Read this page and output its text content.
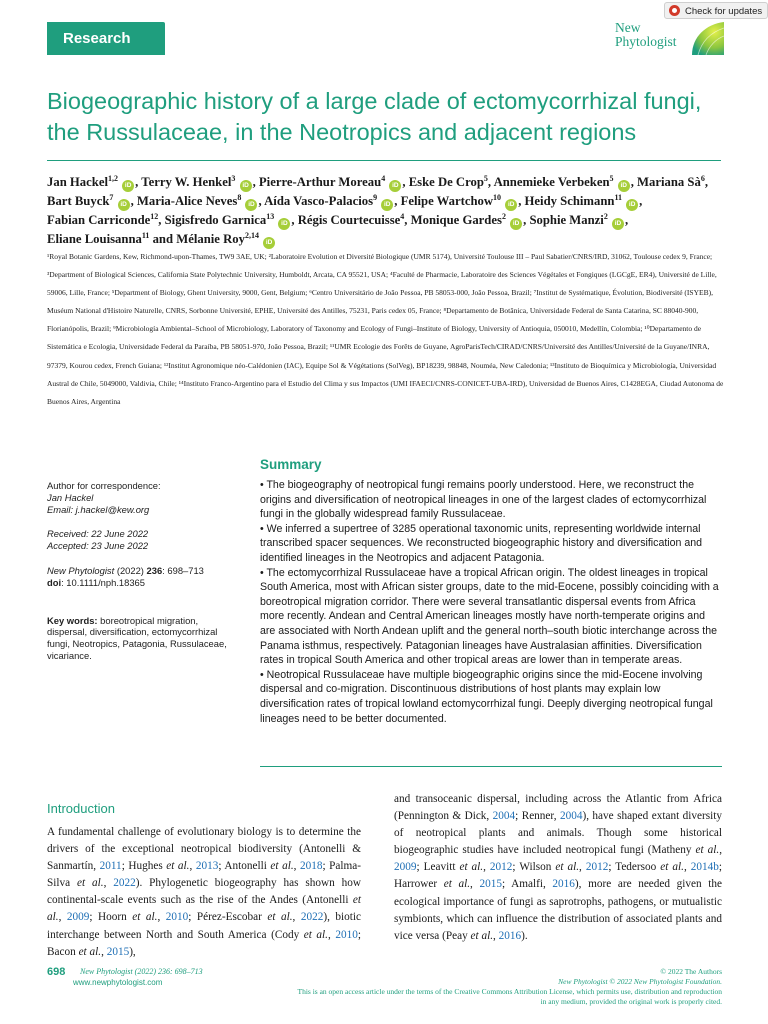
Research
Check for updates
New
Phytologist
Biogeographic history of a large clade of ectomycorrhizal fungi, the Russulaceae, in the Neotropics and adjacent regions
Jan Hackel$^{1,2}$ iD , Terry W. Henkel$^3$ iD , Pierre-Arthur Moreau$^4$ iD , Eske De Crop$^5$, Annemieke Verbeken$^5$ iD , Mariana $Sà^6$, Bart Buyck$^7$ iD , Maria-Alice Neves$^8$ iD , Aída Vasco-Palacios$^9$ iD , Felipe Wartchow$^{10}$ iD , Heidy Schimann$^{11}$ iD , Fabian Carriconde$^{12}$, Sigisfredo Garnica$^{13}$ iD , Régis Courtecuisse$^4$, Monique Gardes$^2$ iD , Sophie Manzi$^2$ iD , Eliane Louisanna$^{11}$ and Mélanie Roy$^{2,14}$ iD
¹Royal Botanic Gardens, Kew, Richmond-upon-Thames, TW9 3AE, UK; ²Laboratoire Evolution et Diversité Biologique (UMR 5174), Université Toulouse III – Paul Sabatier/CNRS/IRD, 31062, Toulouse cedex 9, France; ³Department of Biological Sciences, California State Polytechnic University, Humboldt, Arcata, CA 95521, USA; ⁴Faculté de Pharmacie, Laboratoire des Sciences Végétales et Fongiques (LGCgE, ER4), Université de Lille, 59006, Lille, France; ⁵Department of Biology, Ghent University, 9000, Gent, Belgium; ⁶Centro Universitário de João Pessoa, PB 58053-000, João Pessoa, Brazil; ⁷Institut de Systématique, Évolution, Biodiversité (ISYEB), Muséum National d'Histoire Naturelle, CNRS, Sorbonne Université, EPHE, Université des Antilles, 75231, Paris cedex 05, France; ⁸Departamento de Botânica, Universidade Federal de Santa Catarina, SC 88040-900, Florianópolis, Brazil; ⁹Microbiología Ambiental–School of Microbiology, Laboratory of Taxonomy and Ecology of Fungi–Institute of Biology, University of Antioquia, 050010, Medellín, Colombia; ¹⁰Departamento de Sistemática e Ecologia, Universidade Federal da Paraíba, PB 58051-970, João Pessoa, Brazil; ¹¹UMR Ecologie des Forêts de Guyane, AgroParisTech/CIRAD/CNRS/Université des Antilles/Université de la Guyane/INRA, 97379, Kourou cedex, French Guiana; ¹²Institut Agronomique néo-Calédonien (IAC), Equipe Sol & Végétations (SolVeg), BP18239, 98848, Nouméa, New Caledonia; ¹³Instituto de Bioquímica y Microbiología, Universidad Austral de Chile, 5049000, Valdivia, Chile; ¹⁴Instituto Franco-Argentino para el Estudio del Clima y sus Impactos (UMI IFAECI/CNRS-CONICET-UBA-IRD), Universidad de Buenos Aires, C1428EGA, Ciudad Autonoma de Buenos Aires, Argentina
Summary
Author for correspondence:
Jan Hackel
Email: j.hackel@kew.org
Received: 22 June 2022
Accepted: 23 June 2022
New Phytologist (2022) 236: 698–713
doi: 10.1111/nph.18365
Key words: boreotropical migration, dispersal, diversification, ectomycorrhizal fungi, Neotropics, Patagonia, Russulaceae, vicariance.

• The biogeography of neotropical fungi remains poorly understood. Here, we reconstruct the origins and diversification of neotropical lineages in one of the largest clades of ectomycorrhizal fungi in the globally widespread family Russulaceae.

• We inferred a supertree of 3285 operational taxonomic units, representing worldwide internal transcribed spacer sequences. We reconstructed biogeographic history and diversification and identified lineages in the Neotropics and adjacent Patagonia.

• The ectomycorrhizal Russulaceae have a tropical African origin. The oldest lineages in tropical South America, most with African sister groups, date to the mid-Eocene, possibly coinciding with a boreotropical migration corridor. There were several transatlantic dispersal events from Africa more recently. Andean and Central American lineages mostly have north-temperate origins and are associated with North Andean uplift and the general north–south biotic interchange across the Panama isthmus, respectively. Patagonian lineages have Australasian affinities. Diversification rates in tropical South America and other tropical areas are lower than in temperate areas.

• Neotropical Russulaceae have multiple biogeographic origins since the mid-Eocene involving dispersal and co-migration. Discontinuous distributions of host plants may explain low diversification rates of tropical lowland ectomycorrhizal fungi. Deeply diverging neotropical fungal lineages need to be better documented.

Introduction
A fundamental challenge of evolutionary biology is to determine the drivers of the exceptional neotropical biodiversity (Antonelli & Sanmartín, 2011; Hughes et al., 2013; Antonelli et al., 2018; Palma-Silva et al., 2022). Phylogenetic biogeography has shown how continental-scale events such as the rise of the Andes (Antonelli et al., 2009; Hoorn et al., 2010; Pérez-Escobar et al., 2022), biotic interchange between North and South America (Cody et al., 2010; Bacon et al., 2015),
and transoceanic dispersal, including across the Atlantic from Africa (Pennington & Dick, 2004; Renner, 2004), have shaped extant diversity of neotropical plants and animals. Though some historical biogeographic studies have included neotropical fungi (Matheny et al., 2009; Leavitt et al., 2012; Wilson et al., 2012; Tedersoo et al., 2014b; Harrower et al., 2015; Amalfi, 2016), more are needed given the ecological importance of fungi as saprotrophs, pathogens, or mutualistic symbionts, which can influence the distribution of associated plants and vice versa (Peay et al., 2016).
698 New Phytologist (2022) 236: 698–713
www.newphytologist.com
© 2022 The Authors
New Phytologist © 2022 New Phytologist Foundation.
This is an open access article under the terms of the Creative Commons Attribution License, which permits use, distribution and reproduction in any medium, provided the original work is properly cited.
